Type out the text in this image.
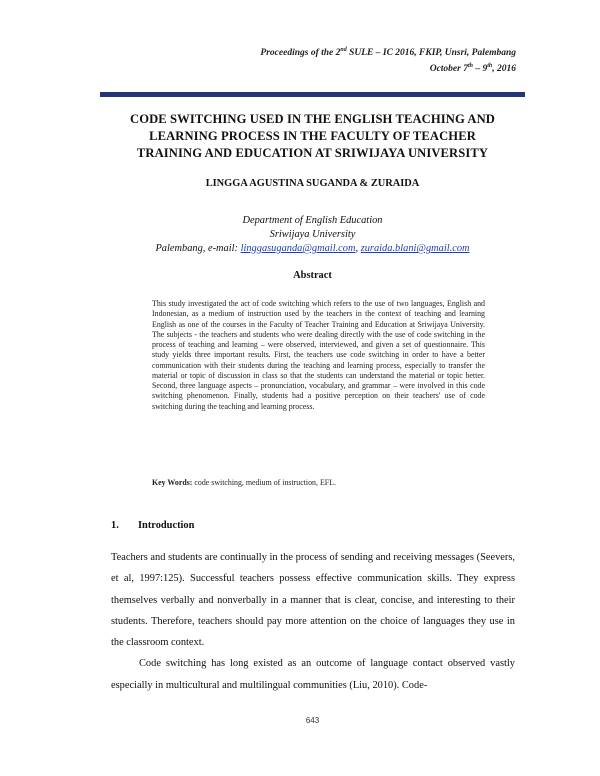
Proceedings of the 2nd SULE – IC 2016, FKIP, Unsri, Palembang
October 7th – 9th, 2016
CODE SWITCHING USED IN THE ENGLISH TEACHING AND
LEARNING PROCESS IN THE FACULTY OF TEACHER
TRAINING AND EDUCATION AT SRIWIJAYA UNIVERSITY
LINGGA AGUSTINA SUGANDA & ZURAIDA
Department of English Education
Sriwijaya University
Palembang, e-mail: linggasuganda@gmail.com, zuraida.blani@gmail.com
Abstract
This study investigated the act of code switching which refers to the use of two languages, English and Indonesian, as a medium of instruction used by the teachers in the context of teaching and learning English as one of the courses in the Faculty of Teacher Training and Education at Sriwijaya University. The subjects - the teachers and students who were dealing directly with the use of code switching in the process of teaching and learning – were observed, interviewed, and given a set of questionnaire. This study yields three important results. First, the teachers use code switching in order to have a better communication with their students during the teaching and learning process, especially to transfer the material or topic of discussion in class so that the students can understand the material or topic better. Second, three language aspects – pronunciation, vocabulary, and grammar – were involved in this code switching phenomenon. Finally, students had a positive perception on their teachers' use of code switching during the teaching and learning process.
Key Words: code switching, medium of instruction, EFL.
1. Introduction

Teachers and students are continually in the process of sending and receiving messages (Seevers, et al, 1997:125). Successful teachers possess effective communication skills. They express themselves verbally and nonverbally in a manner that is clear, concise, and interesting to their students. Therefore, teachers should pay more attention on the choice of languages they use in the classroom context.

Code switching has long existed as an outcome of language contact observed vastly especially in multicultural and multilingual communities (Liu, 2010). Code-

643
